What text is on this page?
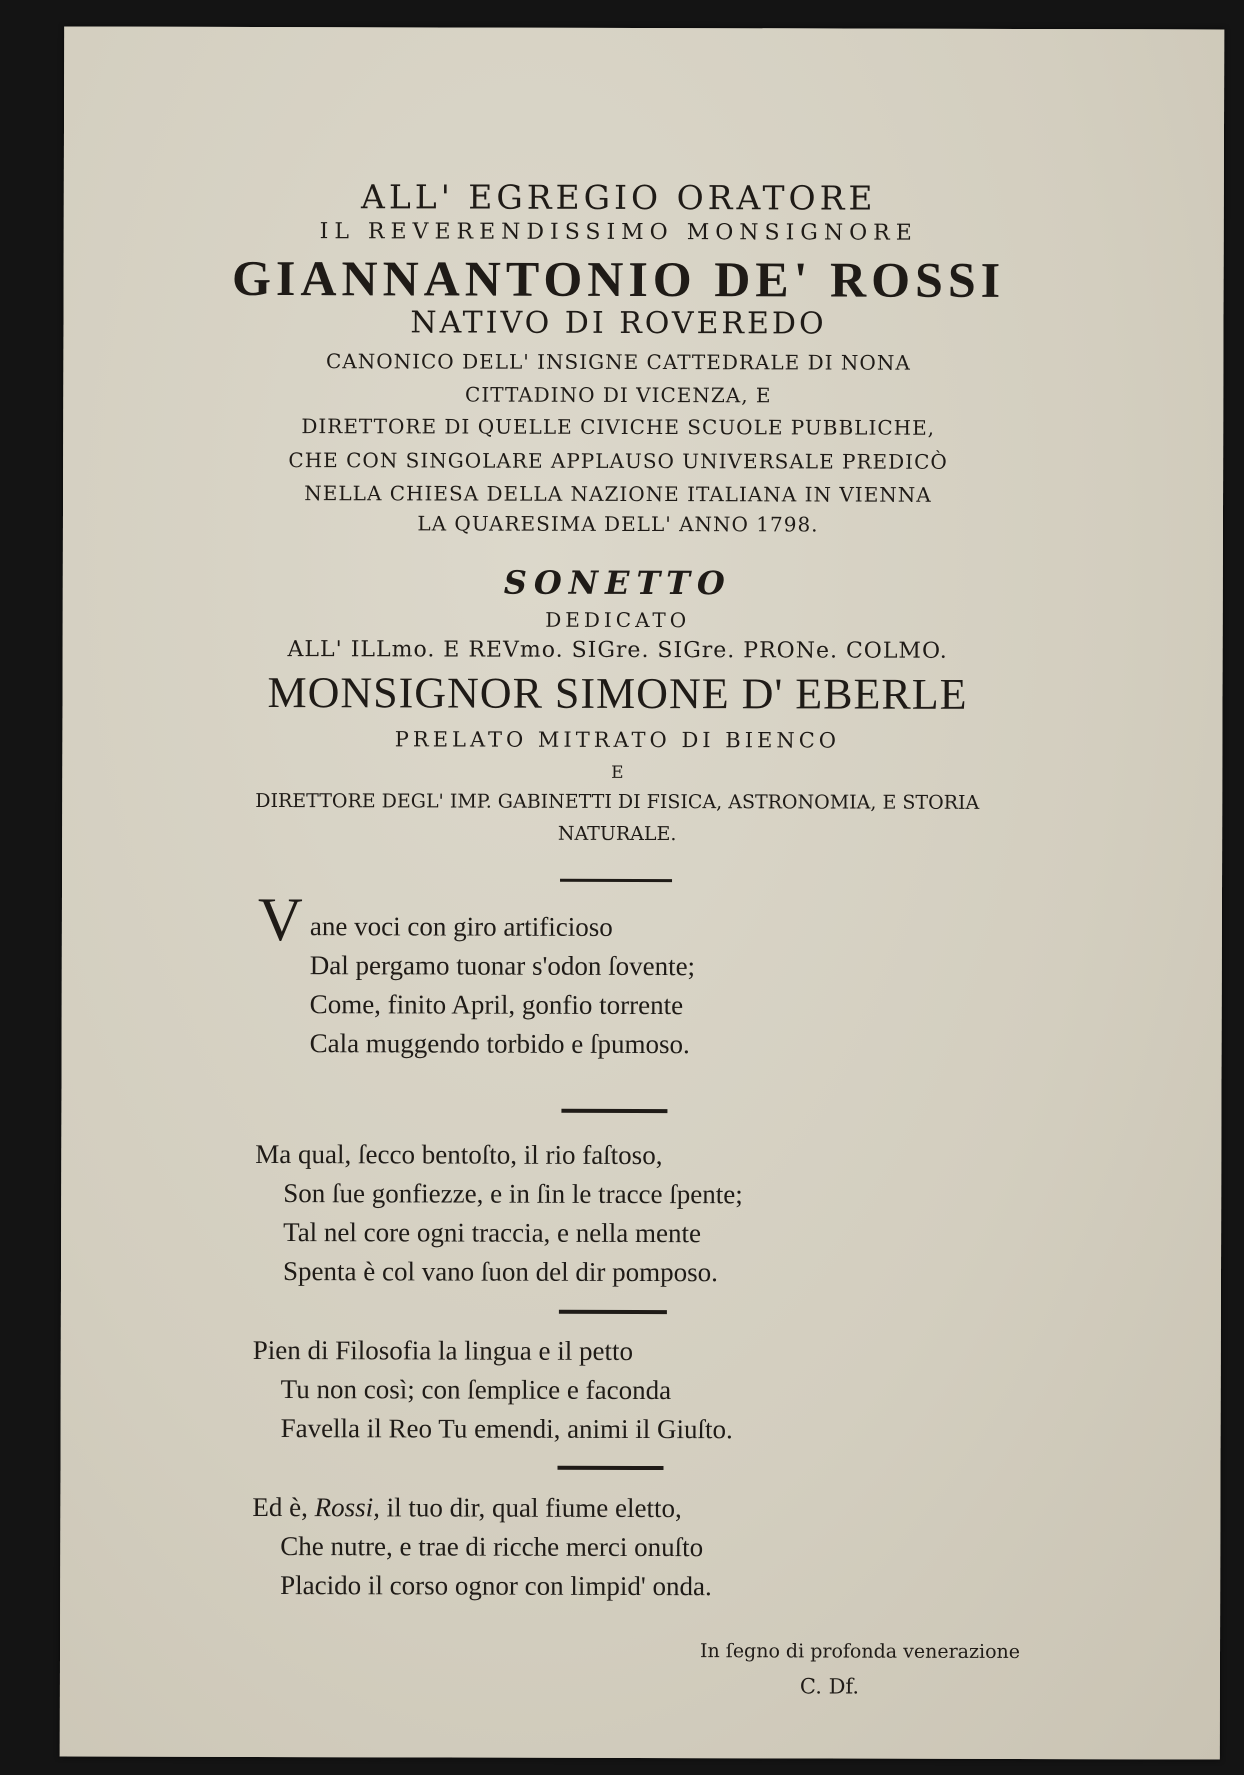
ALL' EGREGIO ORATORE
IL REVERENDISSIMO MONSIGNORE
GIANNANTONIO DE' ROSSI
NATIVO DI ROVEREDO
CANONICO DELL' INSIGNE CATTEDRALE DI NONA
CITTADINO DI VICENZA, E
DIRETTORE DI QUELLE CIVICHE SCUOLE PUBBLICHE,
CHE CON SINGOLARE APPLAUSO UNIVERSALE PREDICÒ
NELLA CHIESA DELLA NAZIONE ITALIANA IN VIENNA
LA QUARESIMA DELL' ANNO 1798.
SONETTO
DEDICATO
ALL' ILLmo. E REVmo. SIGre. SIGre. PRONe. COLMO.
MONSIGNOR SIMONE D' EBERLE
PRELATO MITRATO DI BIENCO
E
DIRETTORE DEGL' IMP. GABINETTI DI FISICA, ASTRONOMIA, E STORIA
NATURALE.
V ane voci con giro artificioso
Dal pergamo tuonar s'odon ſovente;
Come, finito April, gonfio torrente
Cala muggendo torbido e ſpumoso.
Ma qual, ſecco bentoſto, il rio faſtoso,
Son ſue gonfiezze, e in ſin le tracce ſpente;
Tal nel core ogni traccia, e nella mente
Spenta è col vano ſuon del dir pomposo.
Pien di Filosofia la lingua e il petto
Tu non così; con ſemplice e faconda
Favella il Reo Tu emendi, animi il Giuſto.
Ed è, Rossi, il tuo dir, qual fiume eletto,
Che nutre, e trae di ricche merci onuſto
Placido il corso ognor con limpid' onda.
In ſegno di profonda venerazione
C. Df.
